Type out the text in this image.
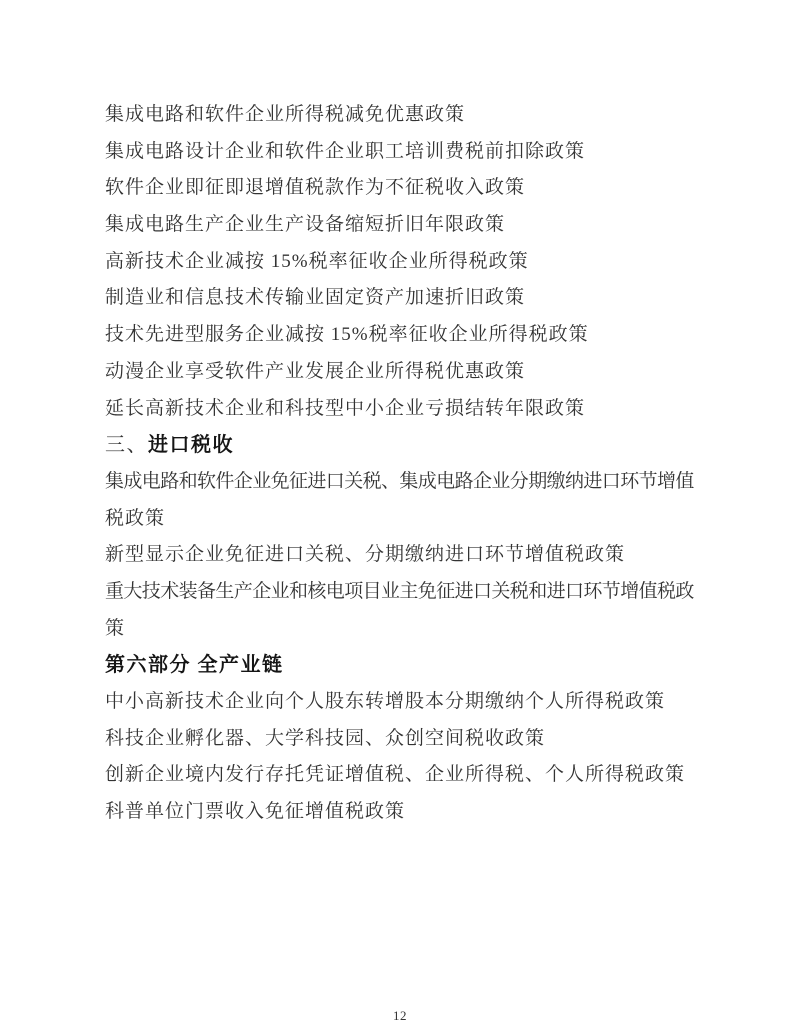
集成电路和软件企业所得税减免优惠政策

集成电路设计企业和软件企业职工培训费税前扣除政策

软件企业即征即退增值税款作为不征税收入政策

集成电路生产企业生产设备缩短折旧年限政策

高新技术企业减按 15%税率征收企业所得税政策

制造业和信息技术传输业固定资产加速折旧政策

技术先进型服务企业减按 15%税率征收企业所得税政策

动漫企业享受软件产业发展企业所得税优惠政策

延长高新技术企业和科技型中小企业亏损结转年限政策

三、进口税收

集成电路和软件企业免征进口关税、集成电路企业分期缴纳进口环节增值

税政策

新型显示企业免征进口关税、分期缴纳进口环节增值税政策

重大技术装备生产企业和核电项目业主免征进口关税和进口环节增值税政

策

第六部分 全产业链

中小高新技术企业向个人股东转增股本分期缴纳个人所得税政策

科技企业孵化器、大学科技园、众创空间税收政策

创新企业境内发行存托凭证增值税、企业所得税、个人所得税政策

科普单位门票收入免征增值税政策

12
